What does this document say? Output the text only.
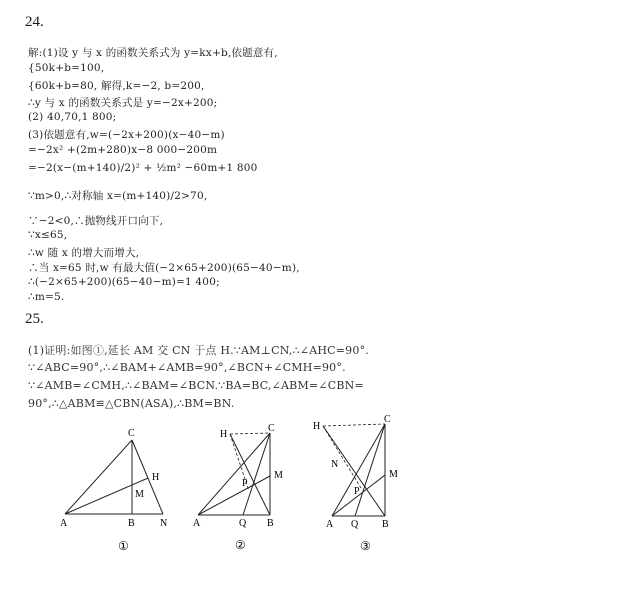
24.
解:(1)设 y 与 x 的函数关系式为 y=kx+b,依题意有,
{50k+b=100,
{60k+b=80, 解得,k=−2, b=200,
∴y 与 x 的函数关系式是 y=−2x+200;
(2) 40,70,1 800;
(3)依题意有,w=(−2x+200)(x−40−m)
=−2x² +(2m+280)x−8 000−200m
=−2(x−(m+140)/2)² + ½m² −60m+1 800
∵m>0,∴对称轴 x=(m+140)/2>70,
∵−2<0,∴抛物线开口向下,
∵x≤65,
∴w 随 x 的增大而增大,
∴当 x=65 时,w 有最大值(−2×65+200)(65−40−m),
∴(−2×65+200)(65−40−m)=1 400;
∴m=5.
25.
(1)证明:如图①,延长 AM 交 CN 于点 H.∵AM⊥CN,∴∠AHC=90°.
∵∠ABC=90°,∴∠BAM+∠AMB=90°,∠BCN+∠CMH=90°.
∵∠AMB=∠CMH,∴∠BAM=∠BCN.∵BA=BC,∠ABM=∠CBN=
90°,∴△ABM≌△CBN(ASA),∴BM=BN.
C
H
M
A	B	N
①
H
C
M
P
A	Q B
②
H
C
N
M
P
A Q B
③
